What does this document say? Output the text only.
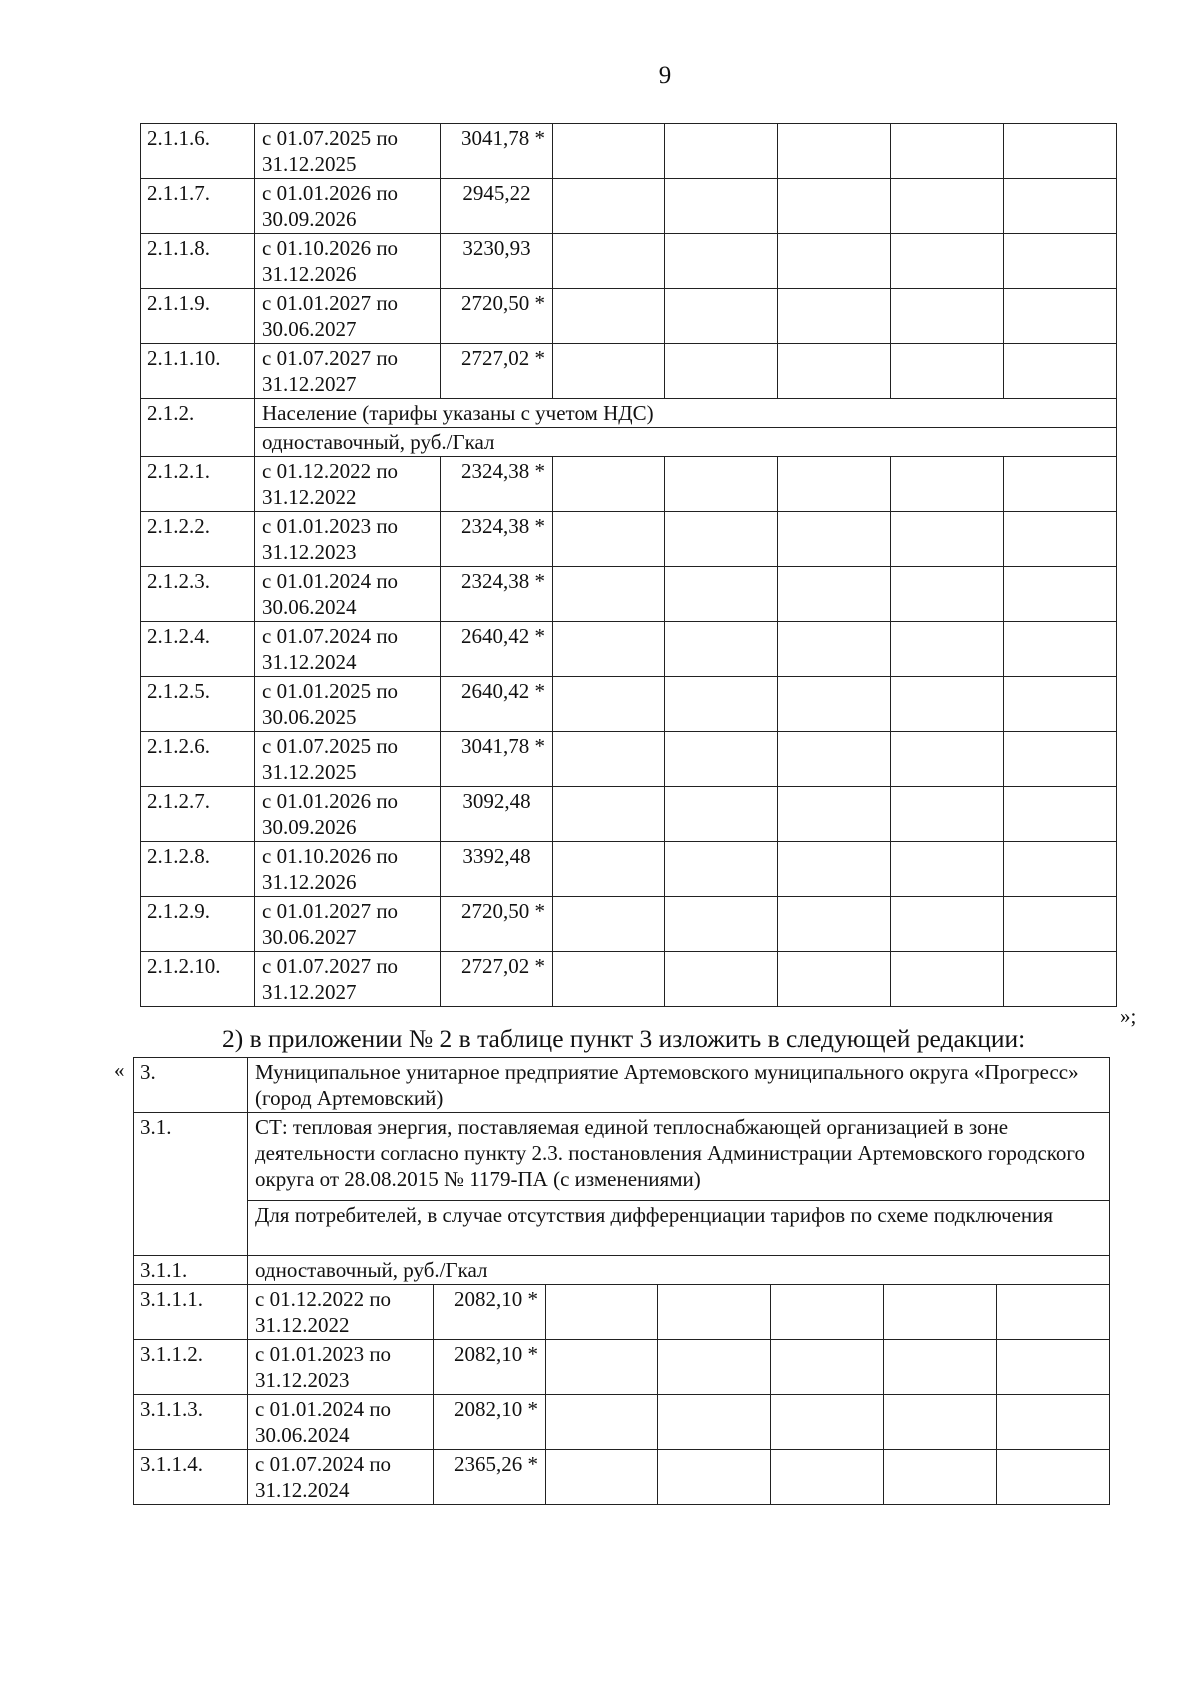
9
2.1.1.6.	с 01.07.2025 по 31.12.2025	3041,78 *					
2.1.1.7.	с 01.01.2026 по 30.09.2026	2945,22					
2.1.1.8.	с 01.10.2026 по 31.12.2026	3230,93					
2.1.1.9.	с 01.01.2027 по 30.06.2027	2720,50 *					
2.1.1.10.	с 01.07.2027 по 31.12.2027	2727,02 *					
2.1.2.	Население (тарифы указаны с учетом НДС)						
	одноставочный, руб./Гкал						
2.1.2.1.	с 01.12.2022 по 31.12.2022	2324,38 *					
2.1.2.2.	с 01.01.2023 по 31.12.2023	2324,38 *					
2.1.2.3.	с 01.01.2024 по 30.06.2024	2324,38 *					
2.1.2.4.	с 01.07.2024 по 31.12.2024	2640,42 *					
2.1.2.5.	с 01.01.2025 по 30.06.2025	2640,42 *					
2.1.2.6.	с 01.07.2025 по 31.12.2025	3041,78 *					
2.1.2.7.	с 01.01.2026 по 30.09.2026	3092,48					
2.1.2.8.	с 01.10.2026 по 31.12.2026	3392,48					
2.1.2.9.	с 01.01.2027 по 30.06.2027	2720,50 *					
2.1.2.10.	с 01.07.2027 по 31.12.2027	2727,02 *					
»;
2) в приложении № 2 в таблице пункт 3 изложить в следующей редакции:
« 3.	Муниципальное унитарное предприятие Артемовского муниципального округа «Прогресс» (город Артемовский)						
3.1.	СТ: тепловая энергия, поставляемая единой теплоснабжающей организацией в зоне деятельности согласно пункту 2.3. постановления Администрации Артемовского городского округа от 28.08.2015 № 1179-ПА (с изменениями)						
	Для потребителей, в случае отсутствия дифференциации тарифов по схеме подключения						
3.1.1.	одноставочный, руб./Гкал						
3.1.1.1.	с 01.12.2022 по 31.12.2022	2082,10 *					
3.1.1.2.	с 01.01.2023 по 31.12.2023	2082,10 *					
3.1.1.3.	с 01.01.2024 по 30.06.2024	2082,10 *					
3.1.1.4.	с 01.07.2024 по 31.12.2024	2365,26 *					
